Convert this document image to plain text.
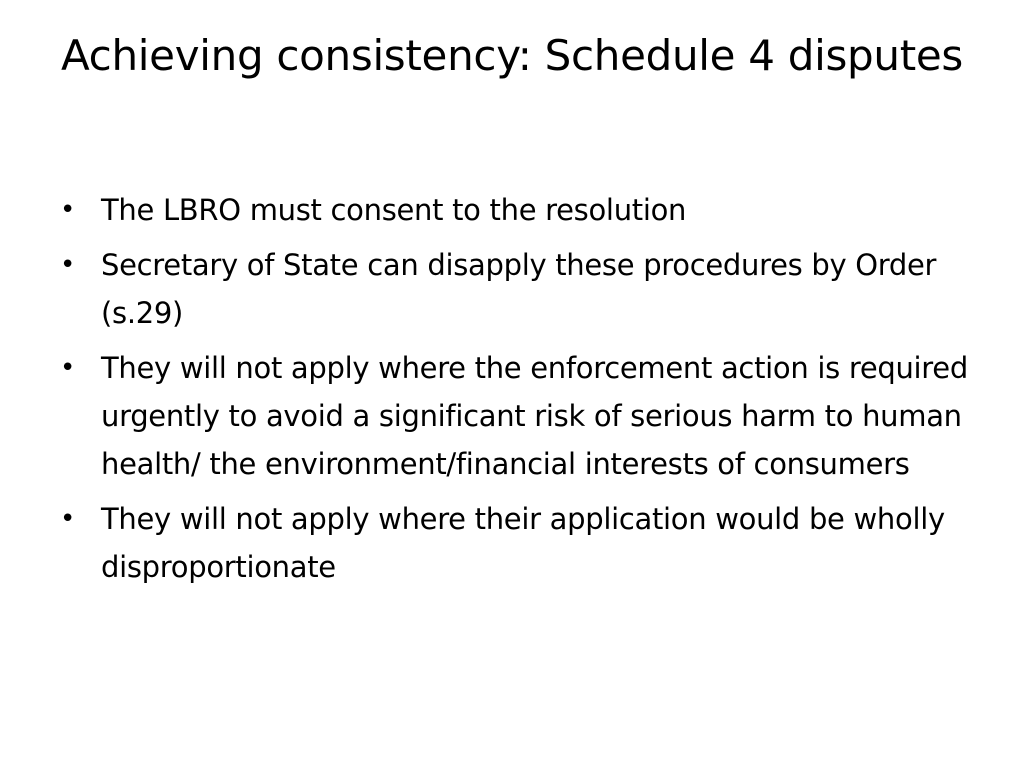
Achieving consistency: Schedule 4 disputes
• The LBRO must consent to the resolution
• Secretary of State can disapply these procedures by Order (s.29)
• They will not apply where the enforcement action is required urgently to avoid a significant risk of serious harm to human health/ the environment/financial interests of consumers
• They will not apply where their application would be wholly disproportionate
